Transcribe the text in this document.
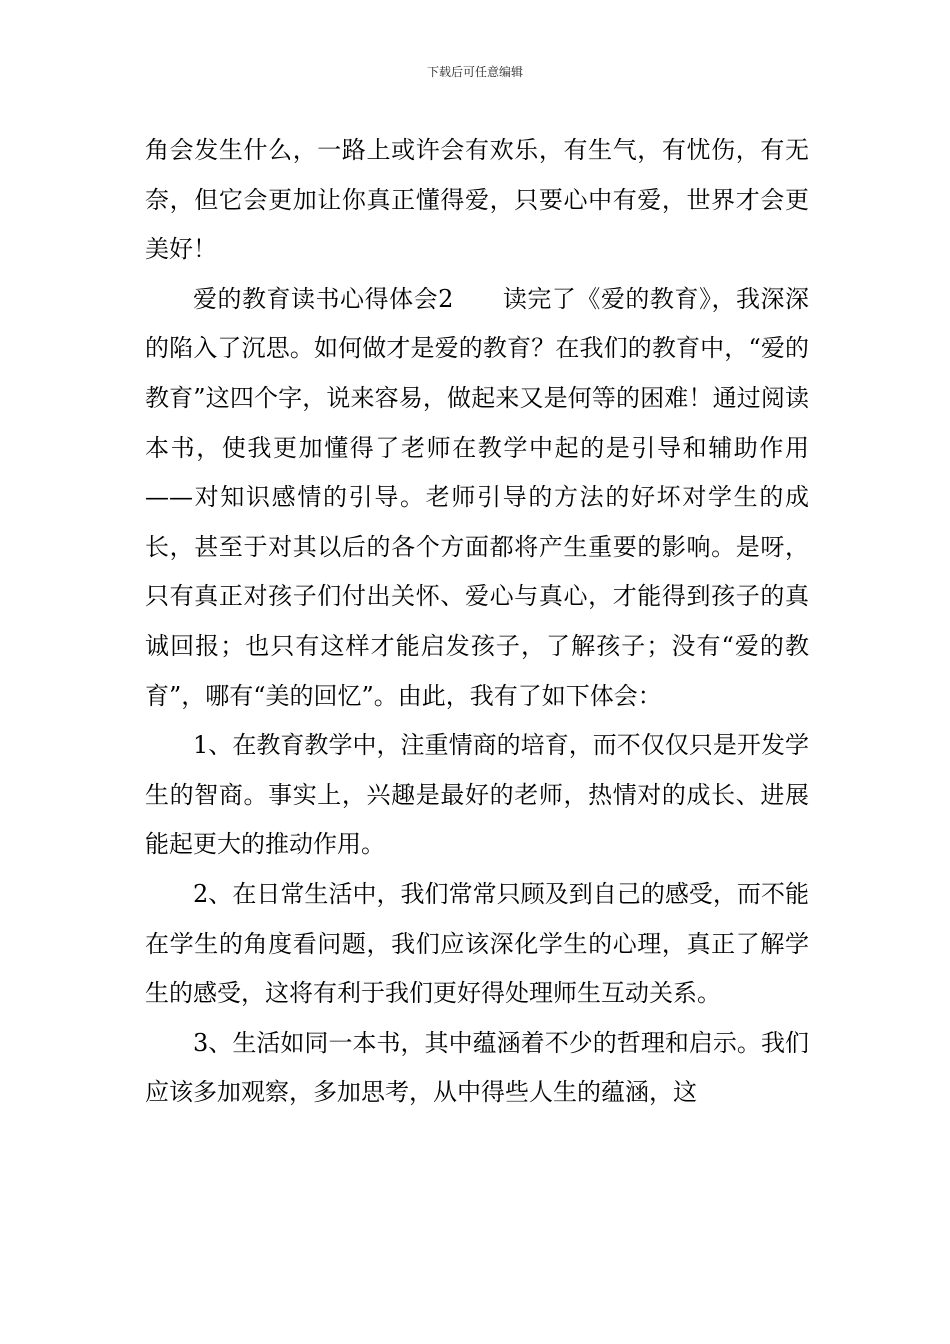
下载后可任意编辑

角会发生什么，一路上或许会有欢乐，有生气，有忧伤，有无奈，但它会更加让你真正懂得爱，只要心中有爱，世界才会更美好！

爱的教育读书心得体会2　　读完了《爱的教育》，我深深的陷入了沉思。如何做才是爱的教育？在我们的教育中，“爱的教育”这四个字，说来容易，做起来又是何等的困难！通过阅读本书，使我更加懂得了老师在教学中起的是引导和辅助作用——对知识感情的引导。老师引导的方法的好坏对学生的成长，甚至于对其以后的各个方面都将产生重要的影响。是呀，只有真正对孩子们付出关怀、爱心与真心，才能得到孩子的真诚回报；也只有这样才能启发孩子，了解孩子；没有“爱的教育”，哪有“美的回忆”。由此，我有了如下体会：

1、在教育教学中，注重情商的培育，而不仅仅只是开发学生的智商。事实上，兴趣是最好的老师，热情对的成长、进展能起更大的推动作用。

2、在日常生活中，我们常常只顾及到自己的感受，而不能在学生的角度看问题，我们应该深化学生的心理，真正了解学生的感受，这将有利于我们更好得处理师生互动关系。

3、生活如同一本书，其中蕴涵着不少的哲理和启示。我们应该多加观察，多加思考，从中得些人生的蕴涵，这
